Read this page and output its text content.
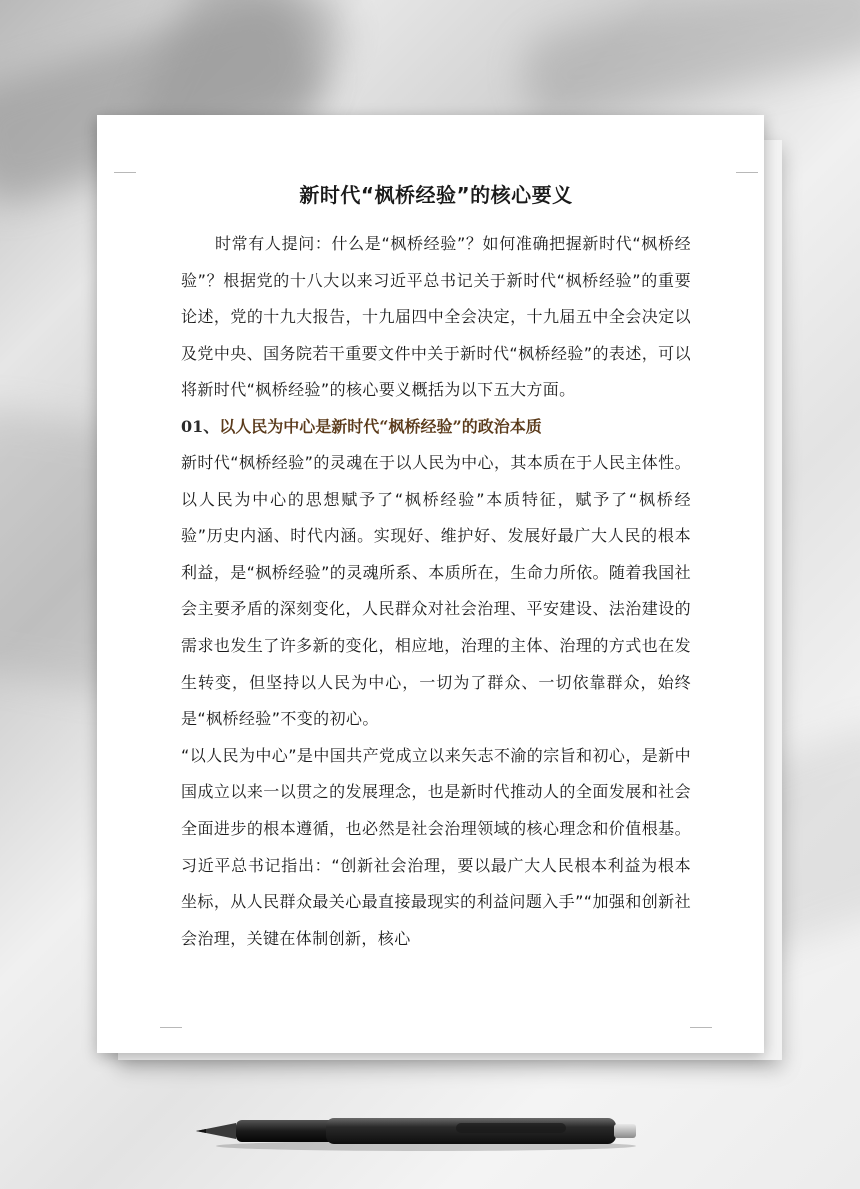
新时代“枫桥经验”的核心要义

时常有人提问：什么是“枫桥经验”？如何准确把握新时代“枫桥经验”？根据党的十八大以来习近平总书记关于新时代“枫桥经验”的重要论述，党的十九大报告，十九届四中全会决定，十九届五中全会决定以及党中央、国务院若干重要文件中关于新时代“枫桥经验”的表述，可以将新时代“枫桥经验”的核心要义概括为以下五大方面。

01、以人民为中心是新时代“枫桥经验”的政治本质

新时代“枫桥经验”的灵魂在于以人民为中心，其本质在于人民主体性。以人民为中心的思想赋予了“枫桥经验”本质特征，赋予了“枫桥经验”历史内涵、时代内涵。实现好、维护好、发展好最广大人民的根本利益，是“枫桥经验”的灵魂所系、本质所在，生命力所依。随着我国社会主要矛盾的深刻变化，人民群众对社会治理、平安建设、法治建设的需求也发生了许多新的变化，相应地，治理的主体、治理的方式也在发生转变，但坚持以人民为中心，一切为了群众、一切依靠群众，始终是“枫桥经验”不变的初心。

“以人民为中心”是中国共产党成立以来矢志不渝的宗旨和初心，是新中国成立以来一以贯之的发展理念，也是新时代推动人的全面发展和社会全面进步的根本遵循，也必然是社会治理领域的核心理念和价值根基。习近平总书记指出：“创新社会治理，要以最广大人民根本利益为根本坐标，从人民群众最关心最直接最现实的利益问题入手”“加强和创新社会治理，关键在体制创新，核心
